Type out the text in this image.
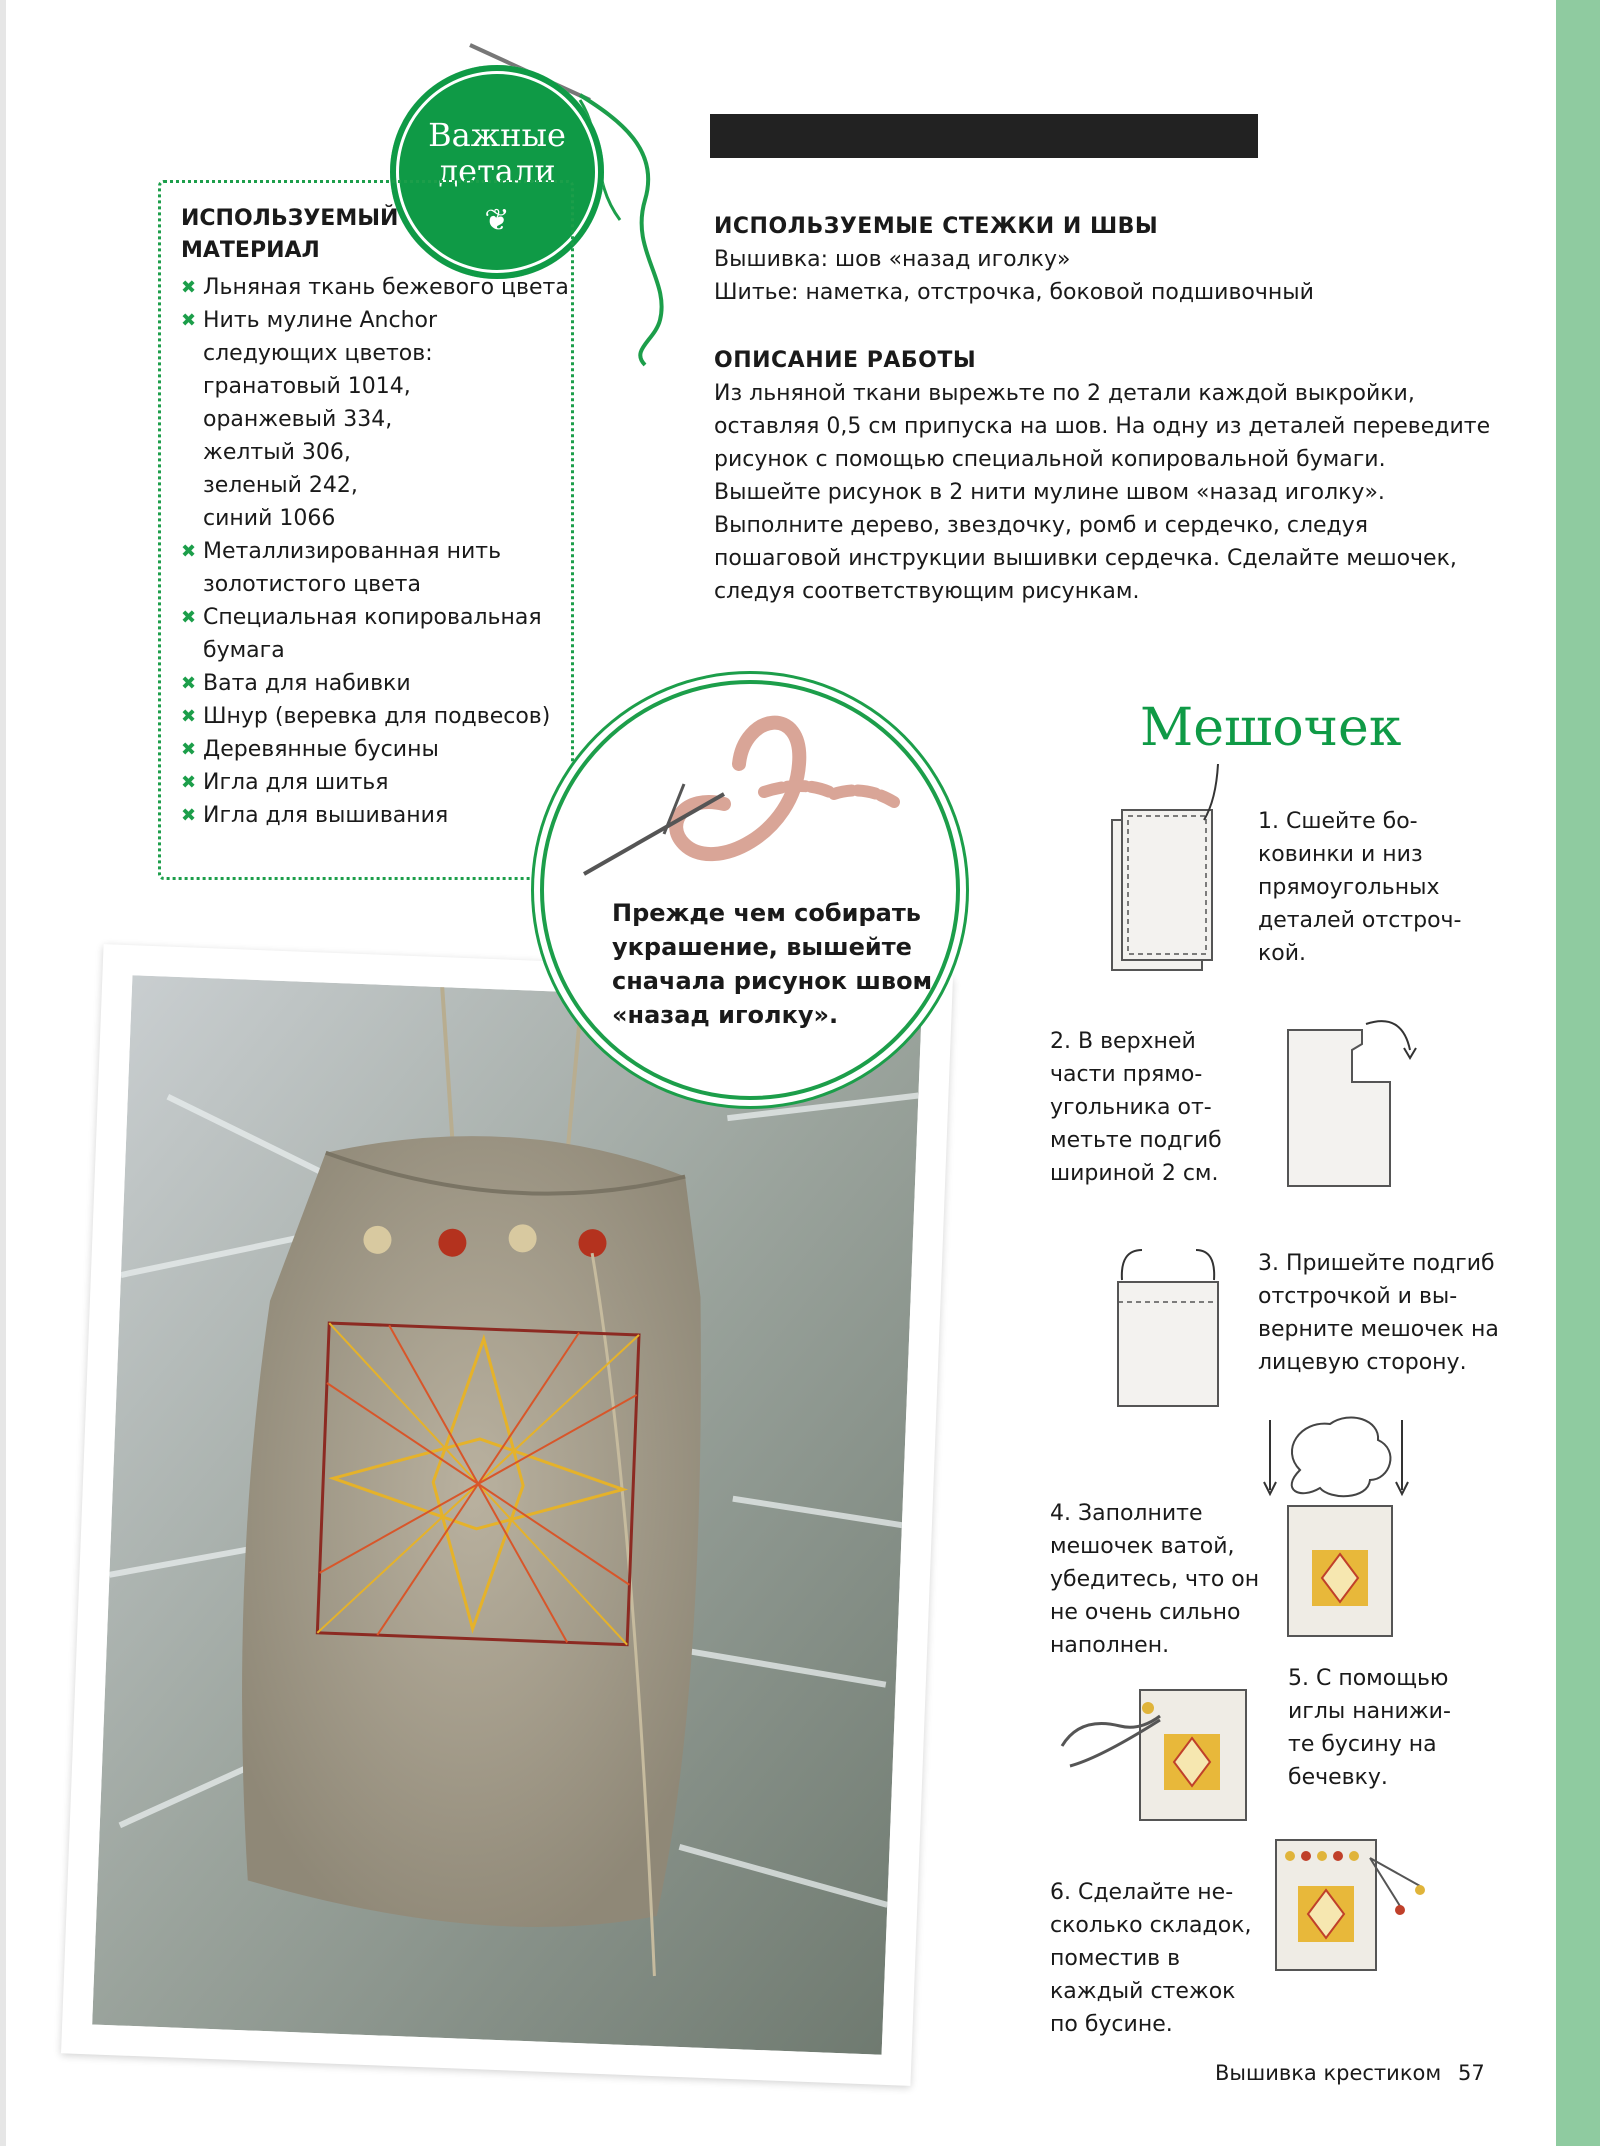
Важные
детали
❦
ИСПОЛЬЗУЕМЫЙ МАТЕРИАЛ
✖ Льняная ткань бежевого цвета
✖ Нить мулине Anchor следующих цветов:
гранатовый 1014,
оранжевый 334,
желтый 306,
зеленый 242,
синий 1066
✖ Металлизированная нить золотистого цвета
✖ Специальная копировальная бумага
✖ Вата для набивки
✖ Шнур (веревка для подвесов)
✖ Деревянные бусины
✖ Игла для шитья
✖ Игла для вышивания
ИСПОЛЬЗУЕМЫЕ СТЕЖКИ И ШВЫ

Вышивка: шов «назад иголку»

Шитье: наметка, отстрочка, боковой подшивочный

ОПИСАНИЕ РАБОТЫ

Из льняной ткани вырежьте по 2 детали каждой выкройки,

оставляя 0,5 см припуска на шов. На одну из деталей переведите

рисунок с помощью специальной копировальной бумаги.

Вышейте рисунок в 2 нити мулине швом «назад иголку».

Выполните дерево, звездочку, ромб и сердечко, следуя

пошаговой инструкции вышивки сердечка. Сделайте мешочек,

следуя соответствующим рисункам.

Прежде чем собирать украшение, вышейте сначала рисунок швом «назад иголку».
Мешочек
1. Сшейте бо-
ковинки и низ
прямоугольных
деталей отстроч-
кой.
2. В верхней
части прямо-
угольника от-
метьте подгиб
шириной 2 см.
3. Пришейте подгиб
отстрочкой и вы-
верните мешочек на
лицевую сторону.
4. Заполните
мешочек ватой,
убедитесь, что он
не очень сильно
наполнен.
5. С помощью
иглы нанижи-
те бусину на
бечевку.
6. Сделайте не-
сколько складок,
поместив в
каждый стежок
по бусине.
Вышивка крестиком 57
